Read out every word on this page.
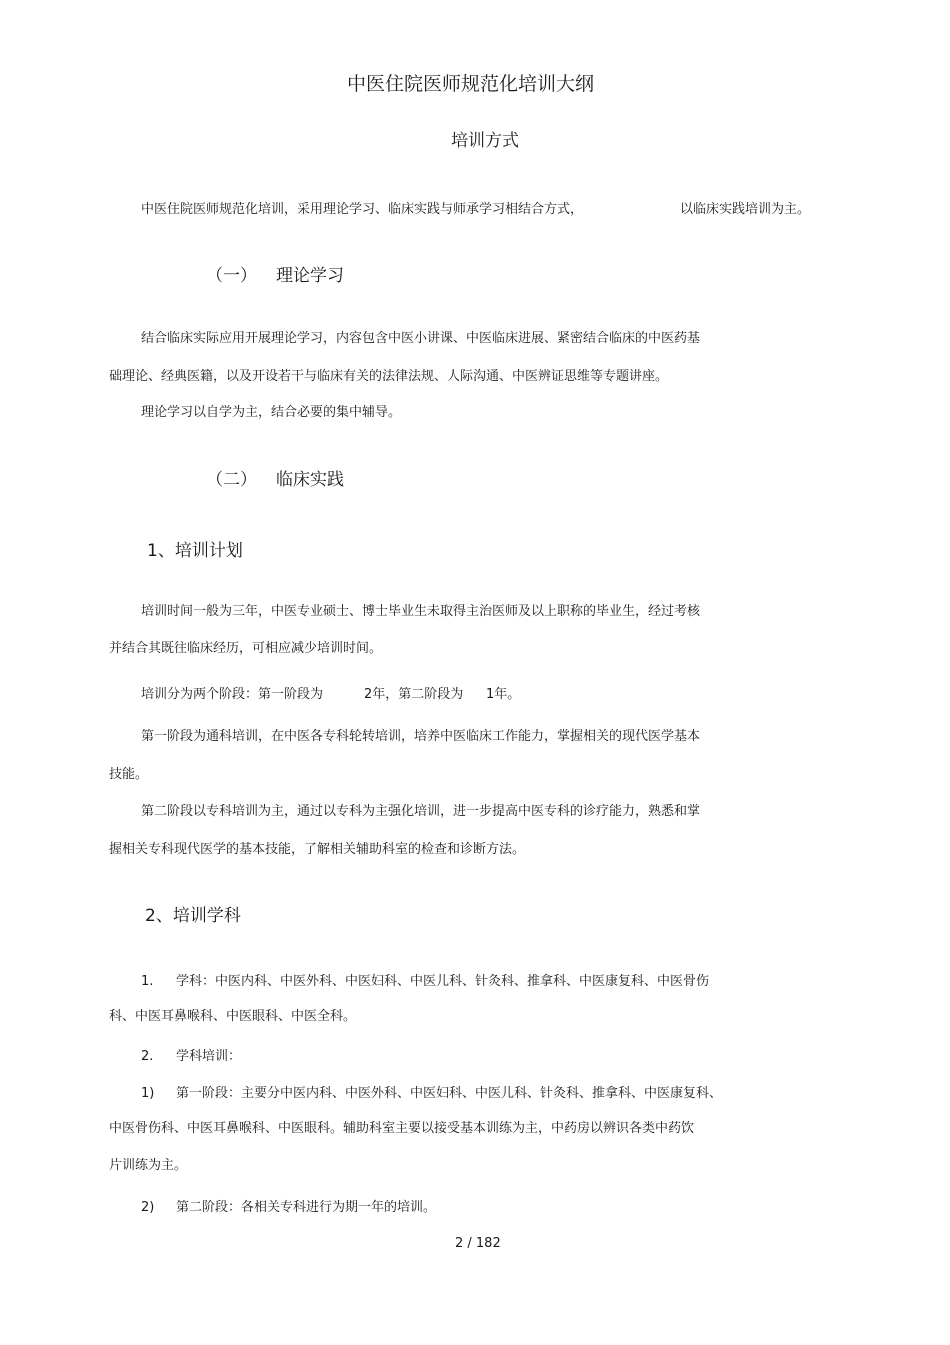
中医住院医师规范化培训大纲
培训方式
中医住院医师规范化培训，采用理论学习、临床实践与师承学习相结合方式，	以临床实践培训为主。
（一） 理论学习
结合临床实际应用开展理论学习，内容包含中医小讲课、中医临床进展、紧密结合临床的中医药基
础理论、经典医籍，以及开设若干与临床有关的法律法规、人际沟通、中医辨证思维等专题讲座。
理论学习以自学为主，结合必要的集中辅导。
（二） 临床实践
1、培训计划
培训时间一般为三年，中医专业硕士、博士毕业生未取得主治医师及以上职称的毕业生，经过考核
并结合其既往临床经历，可相应减少培训时间。
培训分为两个阶段：第一阶段为	2年，第二阶段为 1年。
第一阶段为通科培训，在中医各专科轮转培训，培养中医临床工作能力，掌握相关的现代医学基本
技能。
第二阶段以专科培训为主，通过以专科为主强化培训，进一步提高中医专科的诊疗能力，熟悉和掌
握相关专科现代医学的基本技能，了解相关辅助科室的检查和诊断方法。
2、培训学科
1. 学科：中医内科、中医外科、中医妇科、中医儿科、针灸科、推拿科、中医康复科、中医骨伤
科、中医耳鼻喉科、中医眼科、中医全科。
2. 学科培训：
1) 第一阶段：主要分中医内科、中医外科、中医妇科、中医儿科、针灸科、推拿科、中医康复科、
中医骨伤科、中医耳鼻喉科、中医眼科。辅助科室主要以接受基本训练为主，中药房以辨识各类中药饮
片训练为主。
2) 第二阶段：各相关专科进行为期一年的培训。
2 / 182
